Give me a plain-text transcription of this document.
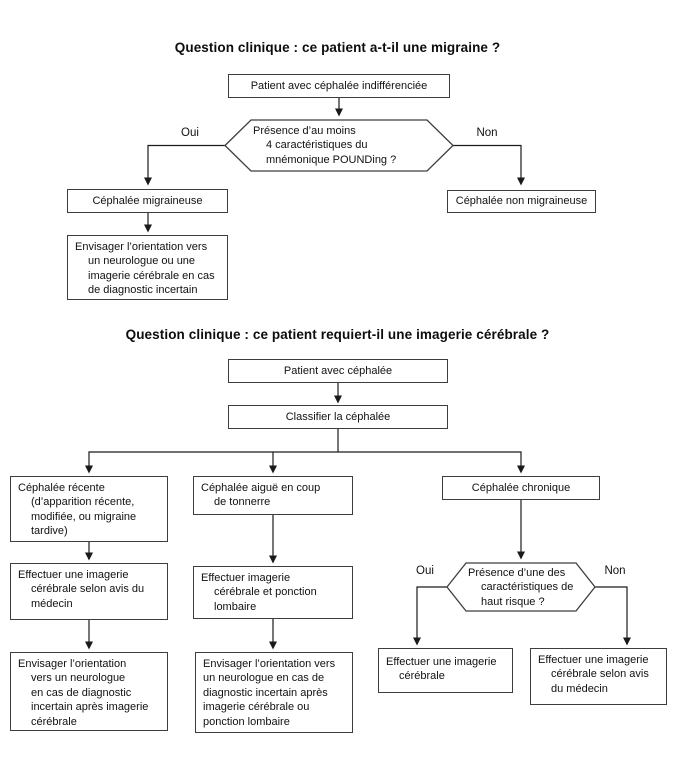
Question clinique : ce patient a-t-il une migraine ?
Patient avec céphalée indifférenciée
Présence d’au moins
4 caractéristiques du
mnémonique POUNDing ?
Oui	Non
Céphalée migraineuse	Céphalée non migraineuse
Envisager l’orientation vers
un neurologue ou une
imagerie cérébrale en cas
de diagnostic incertain
Question clinique : ce patient requiert-il une imagerie cérébrale ?
Patient avec céphalée
Classifier la céphalée
Céphalée récente
(d’apparition récente,
modifiée, ou migraine
tardive)
Effectuer une imagerie
cérébrale selon avis du
médecin
Envisager l’orientation
vers un neurologue
en cas de diagnostic
incertain après imagerie
cérébrale
Céphalée aiguë en coup
de tonnerre
Effectuer imagerie
cérébrale et ponction
lombaire
Envisager l’orientation vers
un neurologue en cas de
diagnostic incertain après
imagerie cérébrale ou
ponction lombaire
Céphalée chronique
Présence d’une des
caractéristiques de
haut risque ?
Oui	Non
Effectuer une imagerie
cérébrale
Effectuer une imagerie
cérébrale selon avis
du médecin
